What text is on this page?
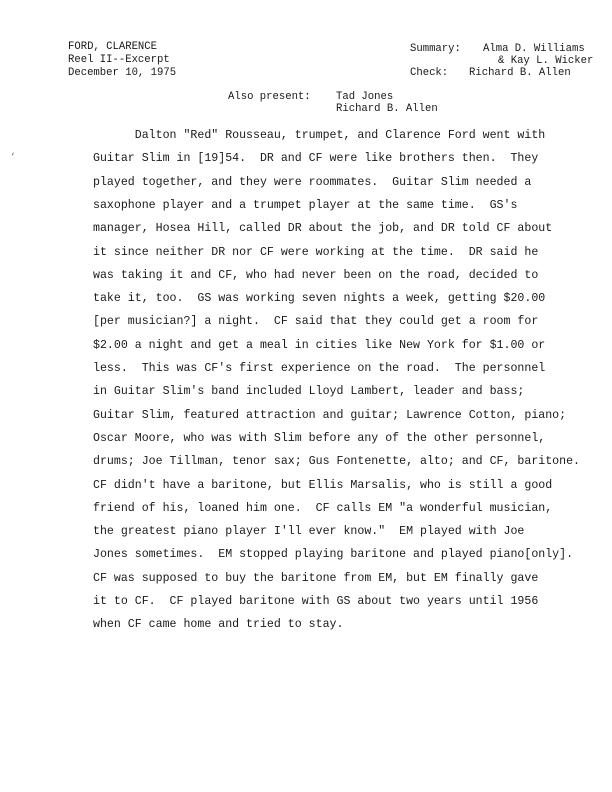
FORD, CLARENCE
Reel II--Excerpt
December 10, 1975
Summary: Alma D. Williams
& Kay L. Wicker
Check: Richard B. Allen
Also present: Tad Jones
Richard B. Allen
‘
Dalton "Red" Rousseau, trumpet, and Clarence Ford went with
Guitar Slim in [19]54.  DR and CF were like brothers then.  They
played together, and they were roommates.  Guitar Slim needed a
saxophone player and a trumpet player at the same time.  GS's
manager, Hosea Hill, called DR about the job, and DR told CF about
it since neither DR nor CF were working at the time.  DR said he
was taking it and CF, who had never been on the road, decided to
take it, too.  GS was working seven nights a week, getting $20.00
[per musician?] a night.  CF said that they could get a room for
$2.00 a night and get a meal in cities like New York for $1.00 or
less.  This was CF's first experience on the road.  The personnel
in Guitar Slim's band included Lloyd Lambert, leader and bass;
Guitar Slim, featured attraction and guitar; Lawrence Cotton, piano;
Oscar Moore, who was with Slim before any of the other personnel,
drums; Joe Tillman, tenor sax; Gus Fontenette, alto; and CF, baritone.
CF didn't have a baritone, but Ellis Marsalis, who is still a good
friend of his, loaned him one.  CF calls EM "a wonderful musician,
the greatest piano player I'll ever know."  EM played with Joe
Jones sometimes.  EM stopped playing baritone and played piano[only].
CF was supposed to buy the baritone from EM, but EM finally gave
it to CF.  CF played baritone with GS about two years until 1956
when CF came home and tried to stay.
